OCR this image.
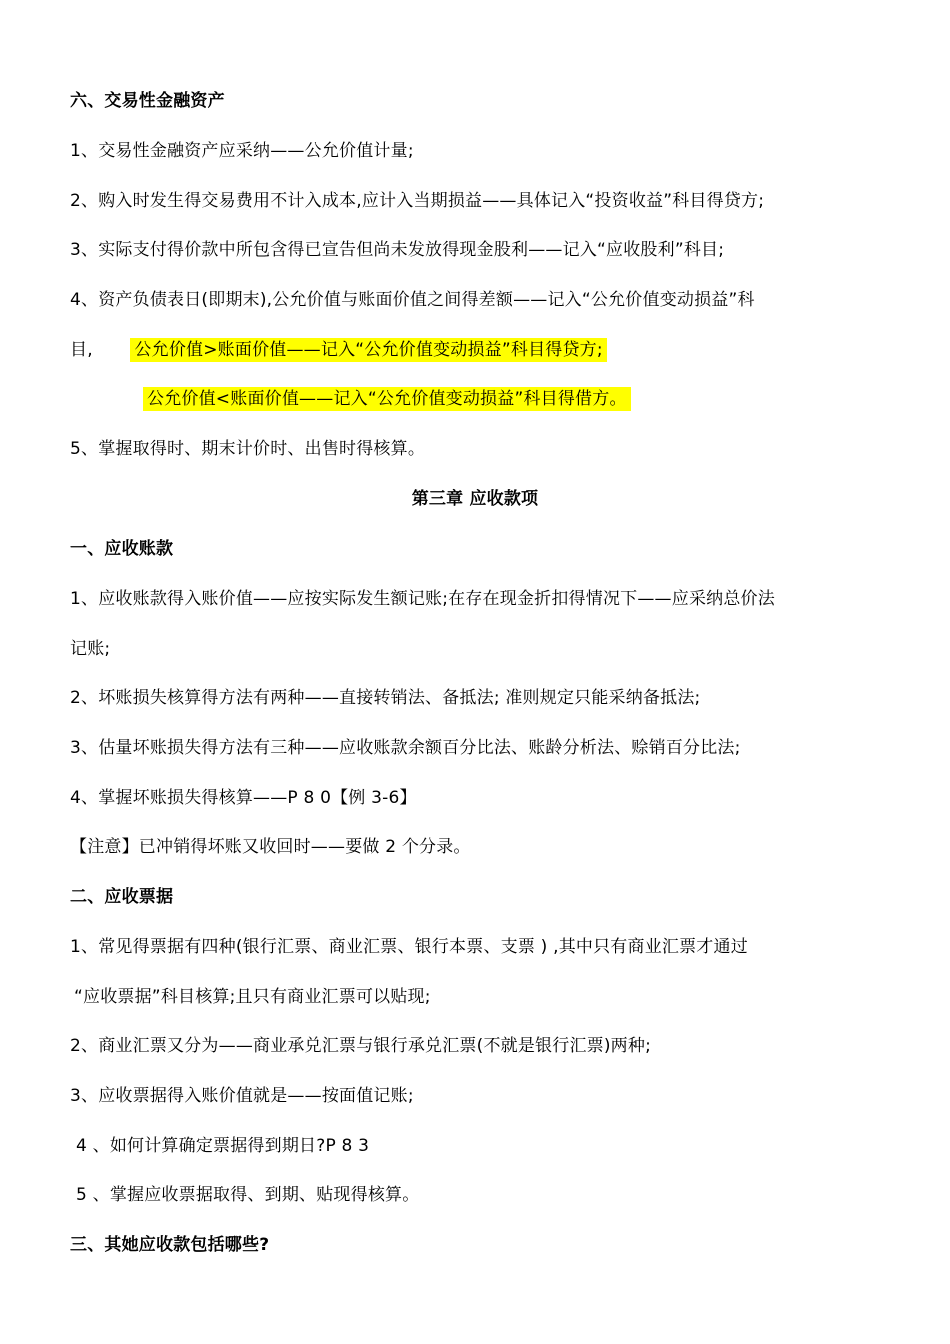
六、交易性金融资产
1、交易性金融资产应采纳——公允价值计量;
2、购入时发生得交易费用不计入成本,应计入当期损益——具体记入“投资收益”科目得贷方;
3、实际支付得价款中所包含得已宣告但尚未发放得现金股利——记入“应收股利”科目;
4、资产负债表日(即期末),公允价值与账面价值之间得差额——记入“公允价值变动损益”科
目, 公允价值>账面价值——记入“公允价值变动损益”科目得贷方;
公允价值<账面价值——记入“公允价值变动损益”科目得借方。
5、掌握取得时、期末计价时、出售时得核算。
第三章 应收款项
一、应收账款
1、应收账款得入账价值——应按实际发生额记账;在存在现金折扣得情况下——应采纳总价法
记账;
2、坏账损失核算得方法有两种——直接转销法、备抵法; 准则规定只能采纳备抵法;
3、估量坏账损失得方法有三种——应收账款余额百分比法、账龄分析法、赊销百分比法;
4、掌握坏账损失得核算——P 8 0【例 3-6】
【注意】已冲销得坏账又收回时——要做 2 个分录。
二、应收票据
1、常见得票据有四种(银行汇票、商业汇票、银行本票、支票 ) ,其中只有商业汇票才通过
“应收票据”科目核算;且只有商业汇票可以贴现;
2、商业汇票又分为——商业承兑汇票与银行承兑汇票(不就是银行汇票)两种;
3、应收票据得入账价值就是——按面值记账;
4 、如何计算确定票据得到期日?P 8 3
5 、掌握应收票据取得、到期、贴现得核算。
三、其她应收款包括哪些?
